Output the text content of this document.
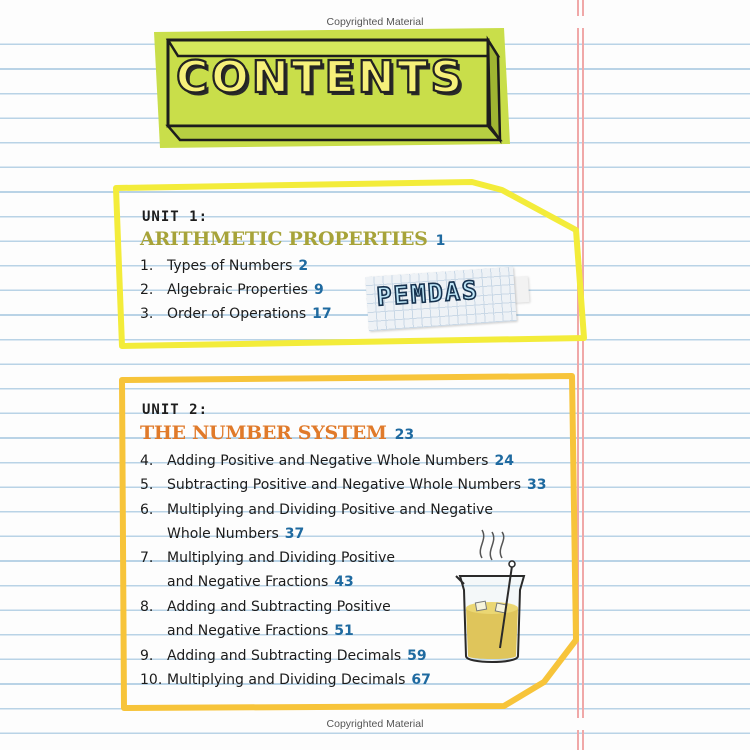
Copyrighted Material
CONTENTS
UNIT 1:
ARITHMETIC PROPERTIES 1
1. Types of Numbers 2
2. Algebraic Properties 9
3. Order of Operations 17
PEMDAS
UNIT 2:
THE NUMBER SYSTEM 23
4. Adding Positive and Negative Whole Numbers 24
5. Subtracting Positive and Negative Whole Numbers 33
6. Multiplying and Dividing Positive and Negative
Whole Numbers 37
7. Multiplying and Dividing Positive
and Negative Fractions 43
8. Adding and Subtracting Positive
and Negative Fractions 51
9. Adding and Subtracting Decimals 59
10. Multiplying and Dividing Decimals 67
Copyrighted Material
